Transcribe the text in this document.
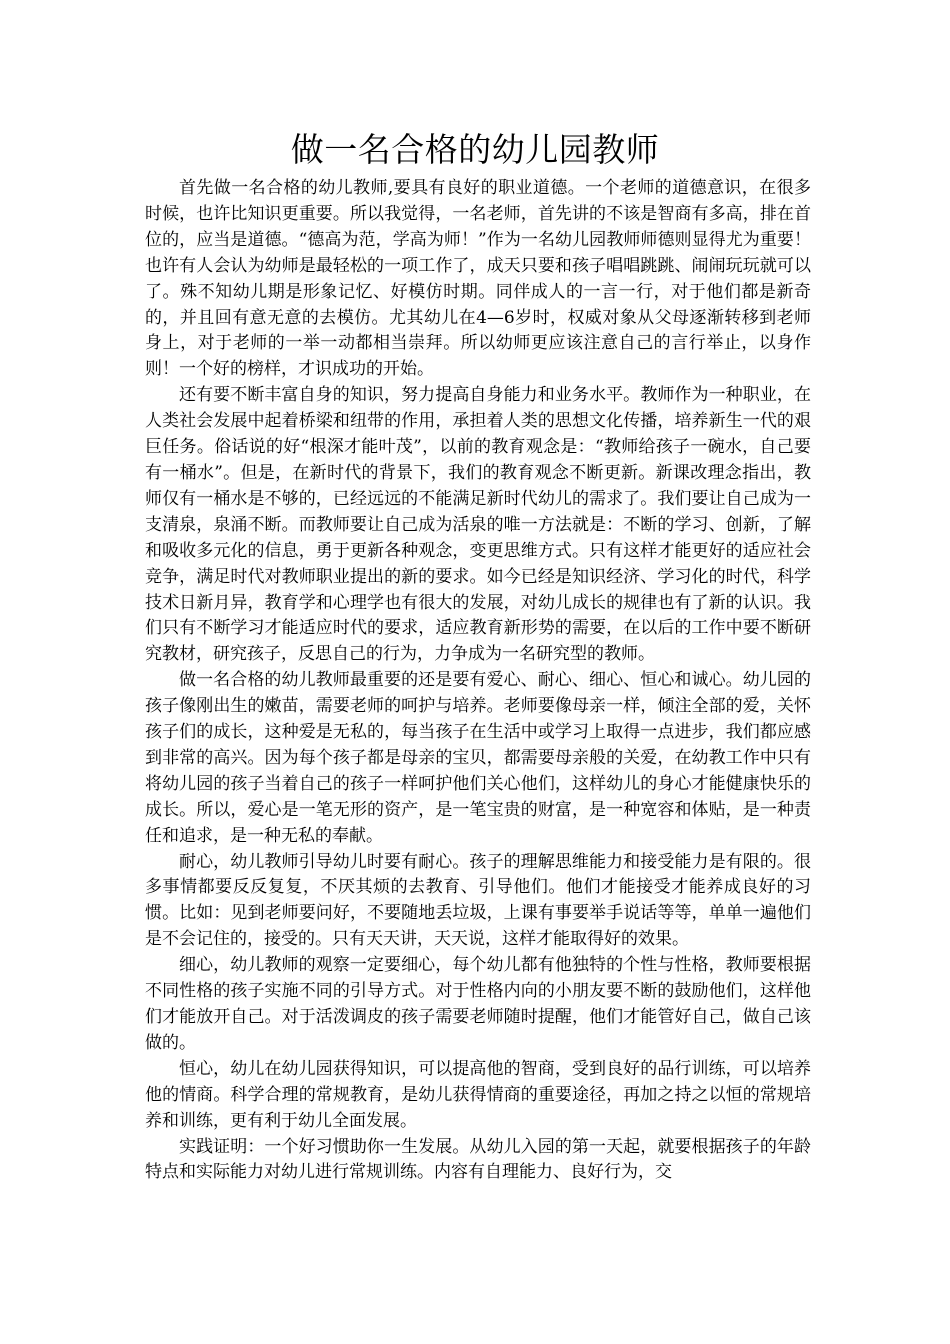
做一名合格的幼儿园教师

首先做一名合格的幼儿教师,要具有良好的职业道德。一个老师的道德意识，在很多时候，也许比知识更重要。所以我觉得，一名老师，首先讲的不该是智商有多高，排在首位的，应当是道德。“德高为范，学高为师！”作为一名幼儿园教师师德则显得尤为重要！也许有人会认为幼师是最轻松的一项工作了，成天只要和孩子唱唱跳跳、闹闹玩玩就可以了。殊不知幼儿期是形象记忆、好模仿时期。同伴成人的一言一行，对于他们都是新奇的，并且回有意无意的去模仿。尤其幼儿在4—6岁时，权威对象从父母逐渐转移到老师身上，对于老师的一举一动都相当崇拜。所以幼师更应该注意自己的言行举止，以身作则！一个好的榜样，才识成功的开始。

还有要不断丰富自身的知识，努力提高自身能力和业务水平。教师作为一种职业，在人类社会发展中起着桥梁和纽带的作用，承担着人类的思想文化传播，培养新生一代的艰巨任务。俗话说的好“根深才能叶茂”，以前的教育观念是：“教师给孩子一碗水，自己要有一桶水”。但是，在新时代的背景下，我们的教育观念不断更新。新课改理念指出，教师仅有一桶水是不够的，已经远远的不能满足新时代幼儿的需求了。我们要让自己成为一支清泉，泉涌不断。而教师要让自己成为活泉的唯一方法就是：不断的学习、创新，了解和吸收多元化的信息，勇于更新各种观念，变更思维方式。只有这样才能更好的适应社会竞争，满足时代对教师职业提出的新的要求。如今已经是知识经济、学习化的时代，科学技术日新月异，教育学和心理学也有很大的发展，对幼儿成长的规律也有了新的认识。我们只有不断学习才能适应时代的要求，适应教育新形势的需要，在以后的工作中要不断研究教材，研究孩子，反思自己的行为，力争成为一名研究型的教师。

做一名合格的幼儿教师最重要的还是要有爱心、耐心、细心、恒心和诚心。幼儿园的孩子像刚出生的嫩苗，需要老师的呵护与培养。老师要像母亲一样，倾注全部的爱，关怀孩子们的成长，这种爱是无私的，每当孩子在生活中或学习上取得一点进步，我们都应感到非常的高兴。因为每个孩子都是母亲的宝贝，都需要母亲般的关爱，在幼教工作中只有将幼儿园的孩子当着自己的孩子一样呵护他们关心他们，这样幼儿的身心才能健康快乐的成长。所以，爱心是一笔无形的资产，是一笔宝贵的财富，是一种宽容和体贴，是一种责任和追求，是一种无私的奉献。

耐心，幼儿教师引导幼儿时要有耐心。孩子的理解思维能力和接受能力是有限的。很多事情都要反反复复，不厌其烦的去教育、引导他们。他们才能接受才能养成良好的习惯。比如：见到老师要问好，不要随地丢垃圾，上课有事要举手说话等等，单单一遍他们是不会记住的，接受的。只有天天讲，天天说，这样才能取得好的效果。

细心，幼儿教师的观察一定要细心，每个幼儿都有他独特的个性与性格，教师要根据不同性格的孩子实施不同的引导方式。对于性格内向的小朋友要不断的鼓励他们，这样他们才能放开自己。对于活泼调皮的孩子需要老师随时提醒，他们才能管好自己，做自己该做的。

恒心，幼儿在幼儿园获得知识，可以提高他的智商，受到良好的品行训练，可以培养他的情商。科学合理的常规教育，是幼儿获得情商的重要途径，再加之持之以恒的常规培养和训练，更有利于幼儿全面发展。

实践证明：一个好习惯助你一生发展。从幼儿入园的第一天起，就要根据孩子的年龄特点和实际能力对幼儿进行常规训练。内容有自理能力、良好行为，交
